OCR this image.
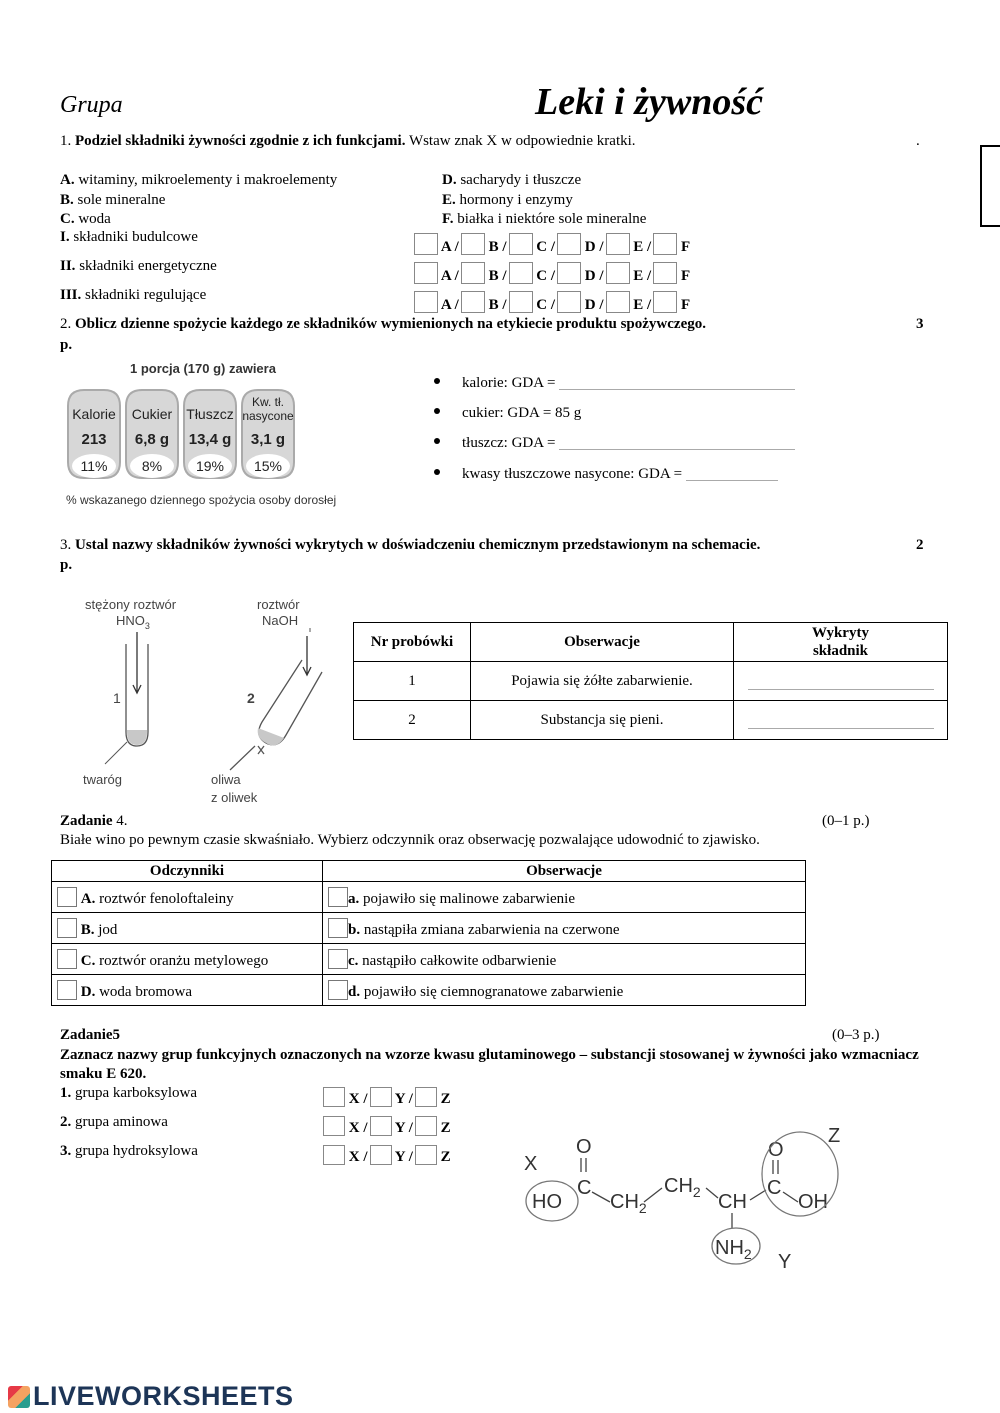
Grupa	Leki i żywność
1. Podziel składniki żywności zgodnie z ich funkcjami. Wstaw znak X w odpowiednie kratki.	.
A. witaminy, mikroelementy i makroelementy
B. sole mineralne
C. woda
D. sacharydy i tłuszcze
E. hormony i enzymy
F. białka i niektóre sole mineralne
I. składniki budulcowe
II. składniki energetyczne
III. składniki regulujące
A / B / C / D / E / F
A / B / C / D / E / F
A / B / C / D / E / F
2. Oblicz dzienne spożycie każdego ze składników wymienionych na etykiecie produktu spożywczego.	3
p.
1 porcja (170 g) zawiera
Kalorie Cukier Tłuszcz
Kw. tł.
nasycone
213 6,8 g 13,4 g 3,1 g
11% 8% 19% 15%
% wskazanego dziennego spożycia osoby dorosłej
kalorie: GDA =
cukier: GDA = 85 g
tłuszcz: GDA =
kwasy tłuszczowe nasycone: GDA =
3. Ustal nazwy składników żywności wykrytych w doświadczeniu chemicznym przedstawionym na schemacie.	2
p.
stężony roztwór
$HNO_3$
roztwór
NaOH
1	2
twaróg	oliwa
z oliwek
Nr probówki	Obserwacje	Wykryty
składnik
1	Pojawia się żółte zabarwienie.	
2	Substancja się pieni.	
Zadanie 4.	(0–1 p.)
Białe wino po pewnym czasie skwaśniało. Wybierz odczynnik oraz obserwację pozwalające udowodnić to zjawisko.
Odczynniki	Obserwacje
A. roztwór fenoloftaleiny	a. pojawiło się malinowe zabarwienie
B. jod	b. nastąpiła zmiana zabarwienia na czerwone
C. roztwór oranżu metylowego	c. nastąpiło całkowite odbarwienie
D. woda bromowa	d. pojawiło się ciemnogranatowe zabarwienie
Zadanie5	(0–3 p.)
Zaznacz nazwy grup funkcyjnych oznaczonych na wzorze kwasu glutaminowego – substancji stosowanej w żywności jako wzmacniacz smaku E 620.
1. grupa karboksylowa
2. grupa aminowa
3. grupa hydroksylowa
X / Y / Z
X / Y / Z
X / Y / Z	X
O
HO
C
$CH_2$
$CH_2$ CH
O
C
OH
$NH_2$
Z
Y
LIVEWORKSHEETS
